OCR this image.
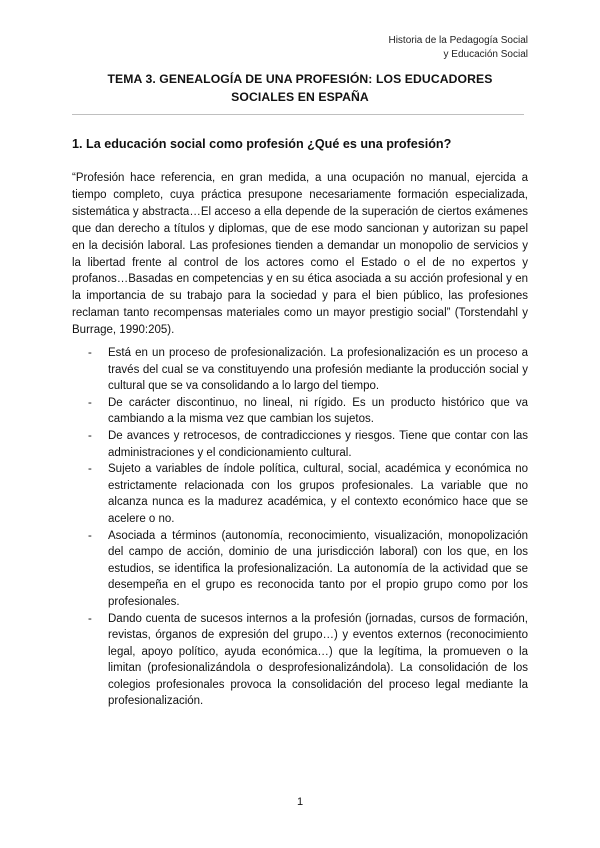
Historia de la Pedagogía Social
y Educación Social
TEMA 3. GENEALOGÍA DE UNA PROFESIÓN: LOS EDUCADORES
SOCIALES EN ESPAÑA
1. La educación social como profesión ¿Qué es una profesión?

“Profesión hace referencia, en gran medida, a una ocupación no manual, ejercida a tiempo completo, cuya práctica presupone necesariamente formación especializada, sistemática y abstracta…El acceso a ella depende de la superación de ciertos exámenes que dan derecho a títulos y diplomas, que de ese modo sancionan y autorizan su papel en la decisión laboral. Las profesiones tienden a demandar un monopolio de servicios y la libertad frente al control de los actores como el Estado o el de no expertos y profanos…Basadas en competencias y en su ética asociada a su acción profesional y en la importancia de su trabajo para la sociedad y para el bien público, las profesiones reclaman tanto recompensas materiales como un mayor prestigio social” (Torstendahl y Burrage, 1990:205).

- Está en un proceso de profesionalización. La profesionalización es un proceso a través del cual se va constituyendo una profesión mediante la producción social y cultural que se va consolidando a lo largo del tiempo.
- De carácter discontinuo, no lineal, ni rígido. Es un producto histórico que va cambiando a la misma vez que cambian los sujetos.
- De avances y retrocesos, de contradicciones y riesgos. Tiene que contar con las administraciones y el condicionamiento cultural.
- Sujeto a variables de índole política, cultural, social, académica y económica no estrictamente relacionada con los grupos profesionales. La variable que no alcanza nunca es la madurez académica, y el contexto económico hace que se acelere o no.
- Asociada a términos (autonomía, reconocimiento, visualización, monopolización del campo de acción, dominio de una jurisdicción laboral) con los que, en los estudios, se identifica la profesionalización. La autonomía de la actividad que se desempeña en el grupo es reconocida tanto por el propio grupo como por los profesionales.
- Dando cuenta de sucesos internos a la profesión (jornadas, cursos de formación, revistas, órganos de expresión del grupo…) y eventos externos (reconocimiento legal, apoyo político, ayuda económica…) que la legítima, la promueven o la limitan (profesionalizándola o desprofesionalizándola). La consolidación de los colegios profesionales provoca la consolidación del proceso legal mediante la profesionalización.
1
